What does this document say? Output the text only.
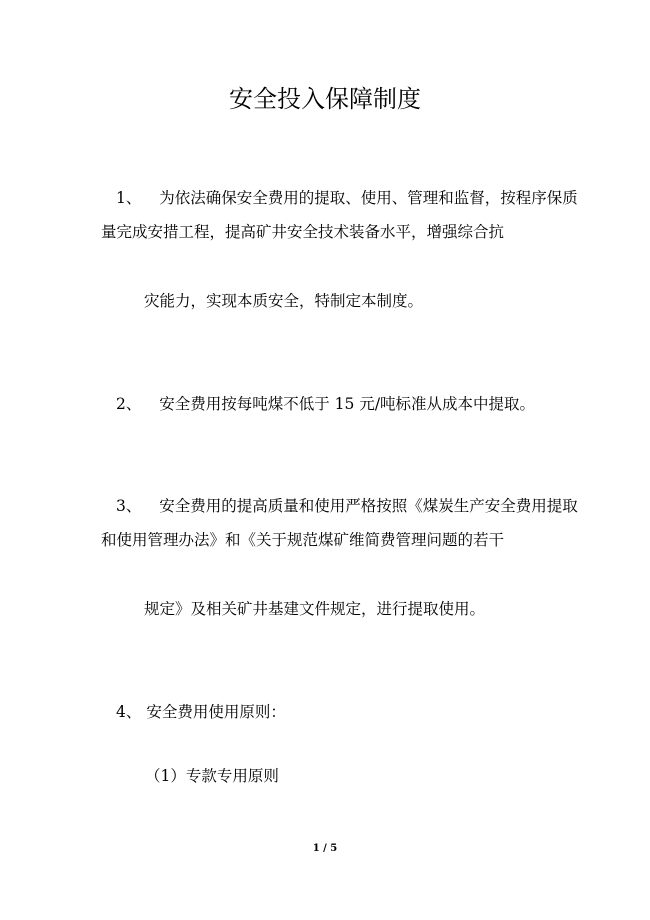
安全投入保障制度
1、 为依法确保安全费用的提取、使用、管理和监督，按程序保质
量完成安措工程，提高矿井安全技术装备水平，增强综合抗
灾能力，实现本质安全，特制定本制度。
2、 安全费用按每吨煤不低于 15 元/吨标准从成本中提取。
3、 安全费用的提高质量和使用严格按照《煤炭生产安全费用提取
和使用管理办法》和《关于规范煤矿维简费管理问题的若干
规定》及相关矿井基建文件规定，进行提取使用。
4、 安全费用使用原则：
（1）专款专用原则
1 / 5
